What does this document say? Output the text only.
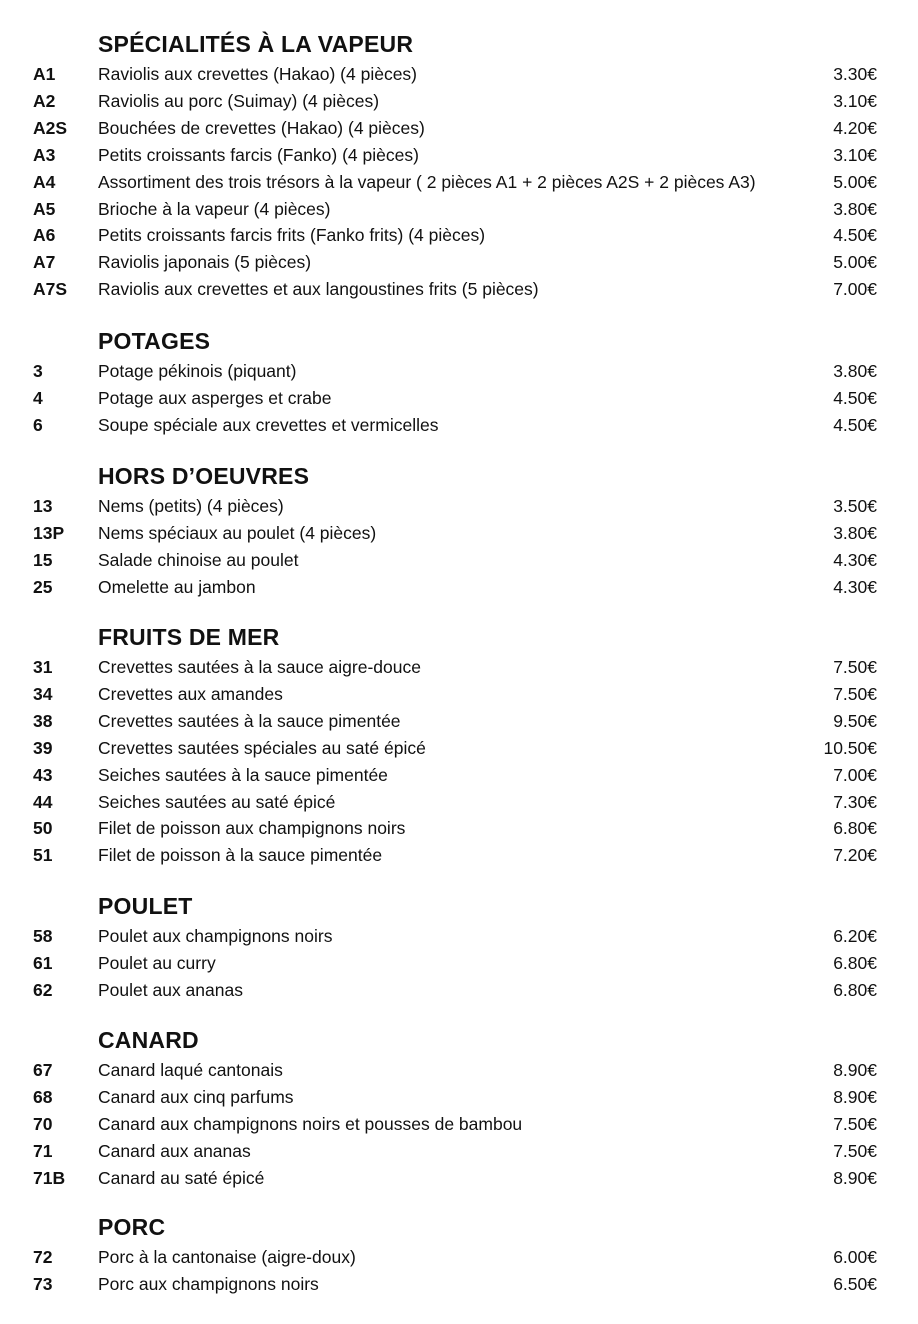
SPÉCIALITÉS À LA VAPEUR
A1 Raviolis aux crevettes (Hakao) (4 pièces)	3.30€
A2 Raviolis au porc (Suimay) (4 pièces)	3.10€
A2S Bouchées de crevettes (Hakao) (4 pièces)	4.20€
A3 Petits croissants farcis (Fanko) (4 pièces)	3.10€
A4 Assortiment des trois trésors à la vapeur ( 2 pièces A1 + 2 pièces A2S + 2 pièces A3)	5.00€
A5 Brioche à la vapeur (4 pièces)	3.80€
A6 Petits croissants farcis frits (Fanko frits) (4 pièces)	4.50€
A7 Raviolis japonais (5 pièces)	5.00€
A7S Raviolis aux crevettes et aux langoustines frits (5 pièces)	7.00€
POTAGES
3	Potage pékinois (piquant)	3.80€
4	Potage aux asperges et crabe	4.50€
6	Soupe spéciale aux crevettes et vermicelles	4.50€
HORS D’OEUVRES
13	Nems (petits) (4 pièces)	3.50€
13P Nems spéciaux au poulet (4 pièces)	3.80€
15	Salade chinoise au poulet	4.30€
25	Omelette au jambon	4.30€
FRUITS DE MER
31	Crevettes sautées à la sauce aigre-douce	7.50€
34	Crevettes aux amandes	7.50€
38	Crevettes sautées à la sauce pimentée	9.50€
39	Crevettes sautées spéciales au saté épicé	10.50€
43	Seiches sautées à la sauce pimentée	7.00€
44	Seiches sautées au saté épicé	7.30€
50	Filet de poisson aux champignons noirs	6.80€
51	Filet de poisson à la sauce pimentée	7.20€
POULET
58	Poulet aux champignons noirs	6.20€
61	Poulet au curry	6.80€
62	Poulet aux ananas	6.80€
CANARD
67	Canard laqué cantonais	8.90€
68	Canard aux cinq parfums	8.90€
70	Canard aux champignons noirs et pousses de bambou	7.50€
71	Canard aux ananas	7.50€
71B Canard au saté épicé	8.90€
PORC
72	Porc à la cantonaise (aigre-doux)	6.00€
73	Porc aux champignons noirs	6.50€
